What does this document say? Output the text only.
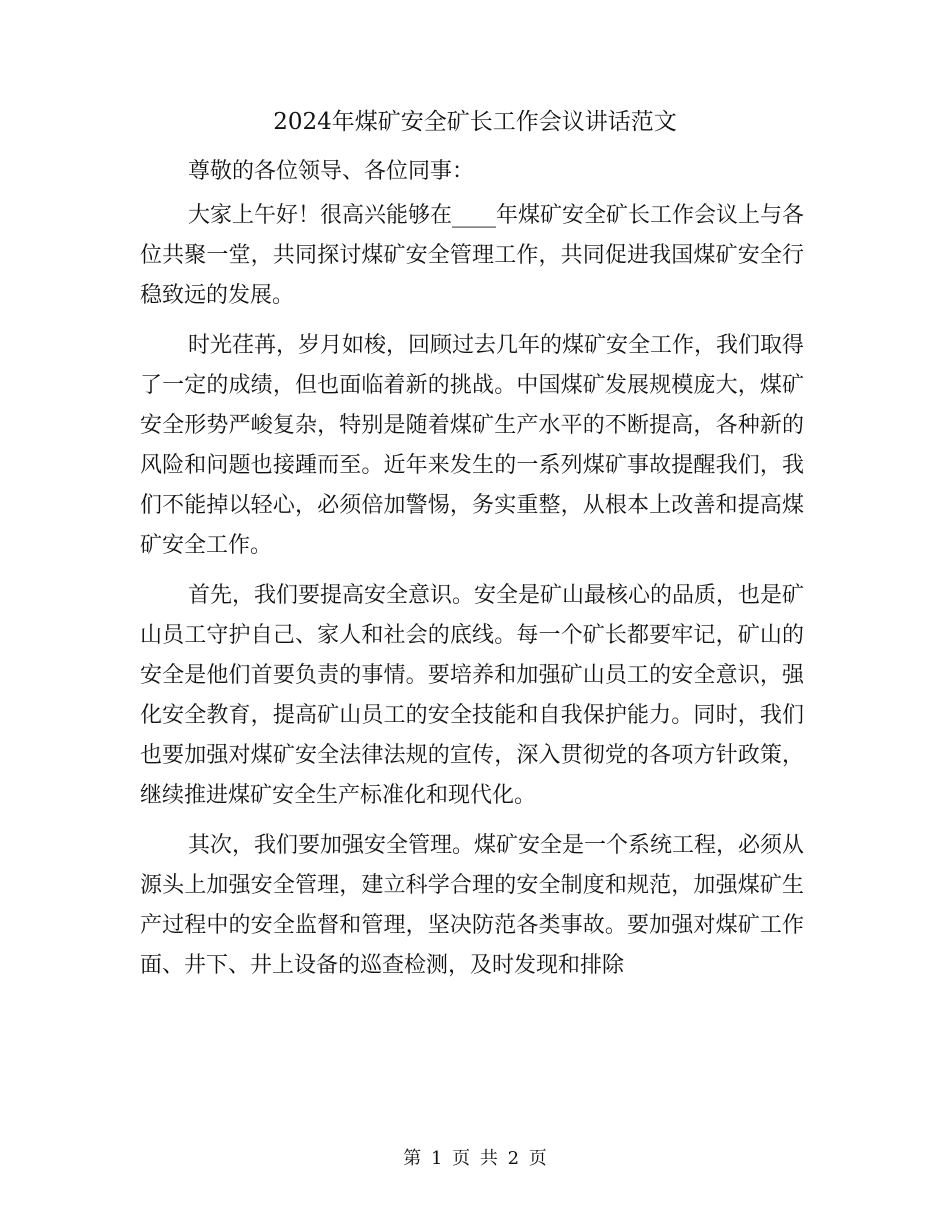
2024年煤矿安全矿长工作会议讲话范文

尊敬的各位领导、各位同事：

大家上午好！很高兴能够在____年煤矿安全矿长工作会议上与各位共聚一堂，共同探讨煤矿安全管理工作，共同促进我国煤矿安全行稳致远的发展。

时光荏苒，岁月如梭，回顾过去几年的煤矿安全工作，我们取得了一定的成绩，但也面临着新的挑战。中国煤矿发展规模庞大，煤矿安全形势严峻复杂，特别是随着煤矿生产水平的不断提高，各种新的风险和问题也接踵而至。近年来发生的一系列煤矿事故提醒我们，我们不能掉以轻心，必须倍加警惕，务实重整，从根本上改善和提高煤矿安全工作。

首先，我们要提高安全意识。安全是矿山最核心的品质，也是矿山员工守护自己、家人和社会的底线。每一个矿长都要牢记，矿山的安全是他们首要负责的事情。要培养和加强矿山员工的安全意识，强化安全教育，提高矿山员工的安全技能和自我保护能力。同时，我们也要加强对煤矿安全法律法规的宣传，深入贯彻党的各项方针政策，继续推进煤矿安全生产标准化和现代化。

其次，我们要加强安全管理。煤矿安全是一个系统工程，必须从源头上加强安全管理，建立科学合理的安全制度和规范，加强煤矿生产过程中的安全监督和管理，坚决防范各类事故。要加强对煤矿工作面、井下、井上设备的巡查检测，及时发现和排除

第 1 页 共 2 页
